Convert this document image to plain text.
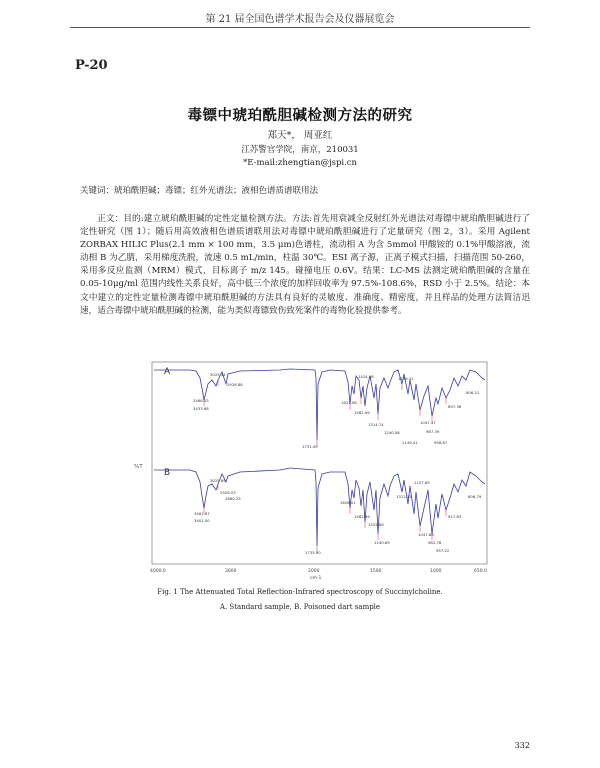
第 21 届全国色谱学术报告会及仪器展览会
P-20
毒镖中琥珀酰胆碱检测方法的研究
郑天*， 周亚红
江苏警官学院，南京，210031
*E-mail:zhengtian@jspi.cn
关键词：琥珀酰胆碱；毒镖；红外光谱法；液相色谱质谱联用法
正文：目的:建立琥珀酰胆碱的定性定量检测方法。方法:首先用衰减全反射红外光谱法对毒镖中琥珀酰胆碱进行了定性研究（图 1）；随后用高效液相色谱质谱联用法对毒镖中琥珀酰胆碱进行了定量研究（图 2，3）。采用 Agilent ZORBAX HILIC Plus(2.1 mm × 100 mm，3.5 μm)色谱柱，流动相 A 为含 5mmol 甲酸铵的 0.1%甲酸溶液，流动相 B 为乙腈，采用梯度洗脱，流速 0.5 mL/min，柱温 30℃。ESI 离子源，正离子模式扫描，扫描范围 50-260，采用多反应监测（MRM）模式，目标离子 m/z 145。碰撞电压 0.6V。结果：LC-MS 法测定琥珀酰胆碱的含量在 0.05-10μg/ml 范围内线性关系良好，高中低三个浓度的加样回收率为 97.5%-108.6%，RSD 小于 2.5%。结论：本文中建立的定性定量检测毒镖中琥珀酰胆碱的方法具有良好的灵敏度、准确度、精密度，并且样品的处理方法简洁迅速，适合毒镖中琥珀酰胆碱的检测，能为类似毒镖致伤致死案件的毒物化验提供参考。
%T
A
3466.43
3433.68
3025.14
2926.88
1731.99
1627.08
1482.99
1424.58
1314.74
1240.58
1149.41
1149.41
1047.47
987.39
958.87
897.36
806.21
B
3461.87
3401.00
3025.69
2926.03
2880.25
1735.90
1628.01
1482.99
1422.89
1240.69
1312.15
1157.65
1047.88
982.78
957.22
917.83
806.79
4000.0	3000	2000	1500	1000	650.0
cm-1
Fig. 1 The Attenuated Total Reflection-Infrared spectroscopy of Succinylcholine.
A. Standard sample, B. Poisoned dart sample
332
